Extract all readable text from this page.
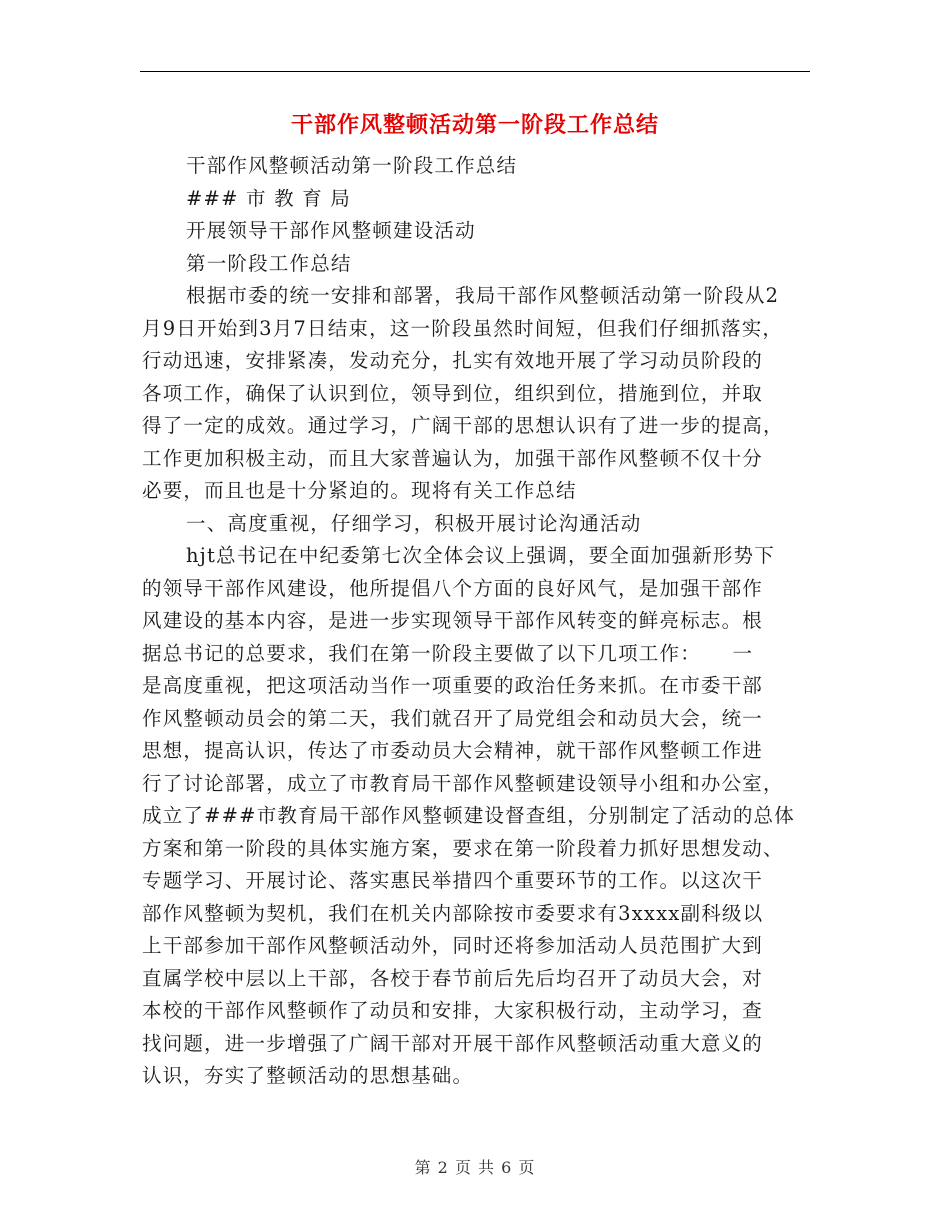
干部作风整顿活动第一阶段工作总结

干部作风整顿活动第一阶段工作总结

### 市 教 育 局

开展领导干部作风整顿建设活动

第一阶段工作总结

根据市委的统一安排和部署，我局干部作风整顿活动第一阶段从2

月9日开始到3月7日结束，这一阶段虽然时间短，但我们仔细抓落实，

行动迅速，安排紧凑，发动充分，扎实有效地开展了学习动员阶段的

各项工作，确保了认识到位，领导到位，组织到位，措施到位，并取

得了一定的成效。通过学习，广阔干部的思想认识有了进一步的提高，

工作更加积极主动，而且大家普遍认为，加强干部作风整顿不仅十分

必要，而且也是十分紧迫的。现将有关工作总结

一、高度重视，仔细学习，积极开展讨论沟通活动

hjt总书记在中纪委第七次全体会议上强调，要全面加强新形势下

的领导干部作风建设，他所提倡八个方面的良好风气，是加强干部作

风建设的基本内容，是进一步实现领导干部作风转变的鲜亮标志。根

据总书记的总要求，我们在第一阶段主要做了以下几项工作：　　一

是高度重视，把这项活动当作一项重要的政治任务来抓。在市委干部

作风整顿动员会的第二天，我们就召开了局党组会和动员大会，统一

思想，提高认识，传达了市委动员大会精神，就干部作风整顿工作进

行了讨论部署，成立了市教育局干部作风整顿建设领导小组和办公室，

成立了###市教育局干部作风整顿建设督查组，分别制定了活动的总体

方案和第一阶段的具体实施方案，要求在第一阶段着力抓好思想发动、

专题学习、开展讨论、落实惠民举措四个重要环节的工作。以这次干

部作风整顿为契机，我们在机关内部除按市委要求有3xxxx副科级以

上干部参加干部作风整顿活动外，同时还将参加活动人员范围扩大到

直属学校中层以上干部，各校于春节前后先后均召开了动员大会，对

本校的干部作风整顿作了动员和安排，大家积极行动，主动学习，查

找问题，进一步增强了广阔干部对开展干部作风整顿活动重大意义的

认识，夯实了整顿活动的思想基础。

第 2 页 共 6 页
